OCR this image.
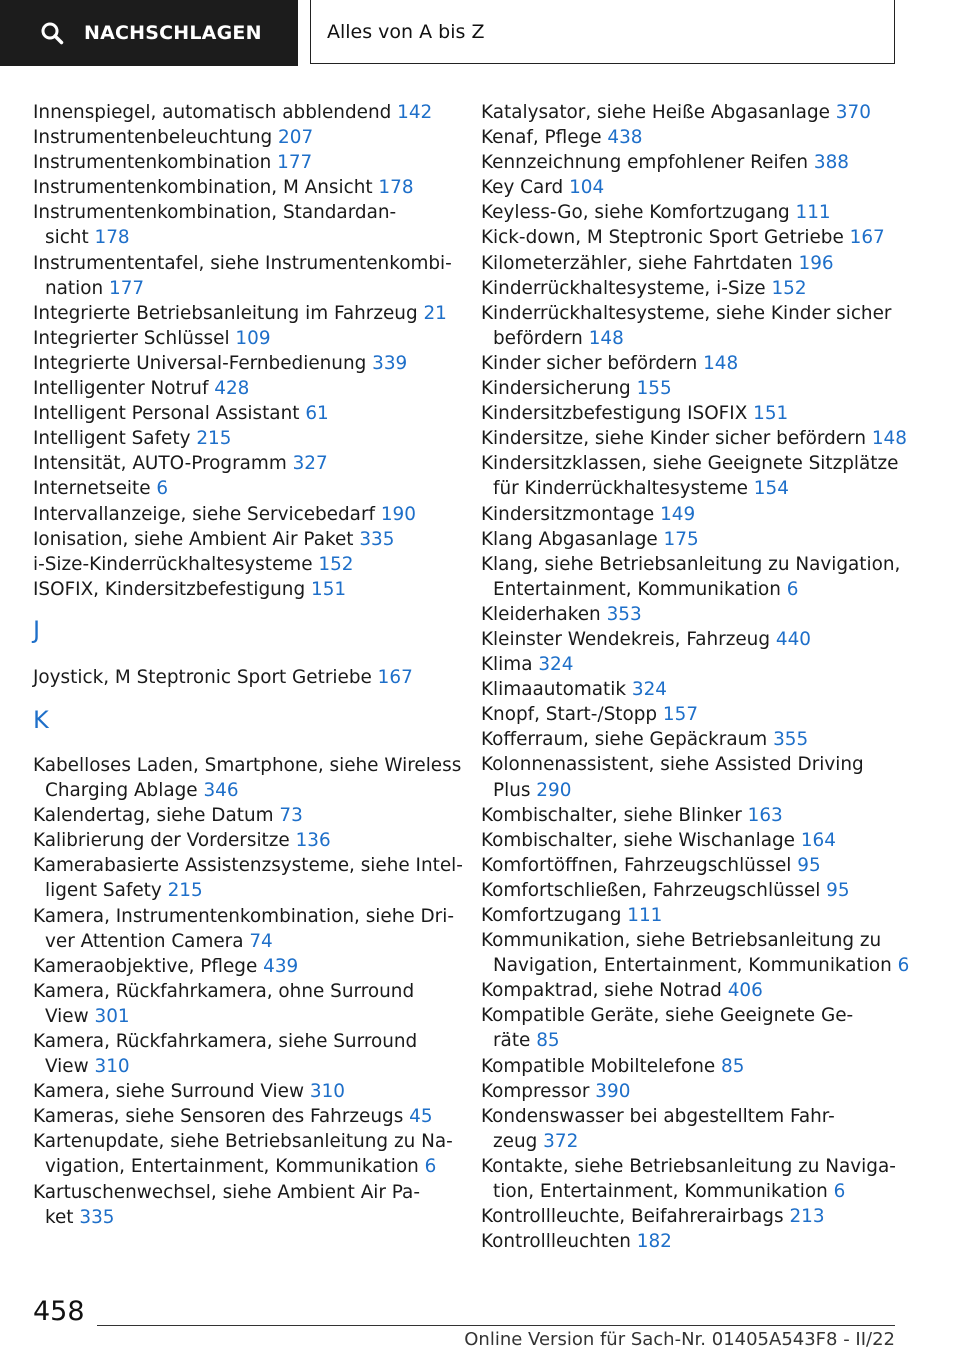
NACHSCHLAGEN	Alles von A bis Z
Innenspiegel, automatisch abblendend 142
Instrumentenbeleuchtung 207
Instrumentenkombination 177
Instrumentenkombination, M Ansicht 178
Instrumentenkombination, Standardan-
sicht 178
Instrumententafel, siehe Instrumentenkombi-
nation 177
Integrierte Betriebsanleitung im Fahrzeug 21
Integrierter Schlüssel 109
Integrierte Universal-Fernbedienung 339
Intelligenter Notruf 428
Intelligent Personal Assistant 61
Intelligent Safety 215
Intensität, AUTO-Programm 327
Internetseite 6
Intervallanzeige, siehe Servicebedarf 190
Ionisation, siehe Ambient Air Paket 335
i-Size-Kinderrückhaltesysteme 152
ISOFIX, Kindersitzbefestigung 151
J
Joystick, M Steptronic Sport Getriebe 167
K
Kabelloses Laden, Smartphone, siehe Wireless
Charging Ablage 346
Kalendertag, siehe Datum 73
Kalibrierung der Vordersitze 136
Kamerabasierte Assistenzsysteme, siehe Intel-
ligent Safety 215
Kamera, Instrumentenkombination, siehe Dri-
ver Attention Camera 74
Kameraobjektive, Pflege 439
Kamera, Rückfahrkamera, ohne Surround
View 301
Kamera, Rückfahrkamera, siehe Surround
View 310
Kamera, siehe Surround View 310
Kameras, siehe Sensoren des Fahrzeugs 45
Kartenupdate, siehe Betriebsanleitung zu Na-
vigation, Entertainment, Kommunikation 6
Kartuschenwechsel, siehe Ambient Air Pa-
ket 335
Katalysator, siehe Heiße Abgasanlage 370
Kenaf, Pflege 438
Kennzeichnung empfohlener Reifen 388
Key Card 104
Keyless-Go, siehe Komfortzugang 111
Kick-down, M Steptronic Sport Getriebe 167
Kilometerzähler, siehe Fahrtdaten 196
Kinderrückhaltesysteme, i-Size 152
Kinderrückhaltesysteme, siehe Kinder sicher
befördern 148
Kinder sicher befördern 148
Kindersicherung 155
Kindersitzbefestigung ISOFIX 151
Kindersitze, siehe Kinder sicher befördern 148
Kindersitzklassen, siehe Geeignete Sitzplätze
für Kinderrückhaltesysteme 154
Kindersitzmontage 149
Klang Abgasanlage 175
Klang, siehe Betriebsanleitung zu Navigation,
Entertainment, Kommunikation 6
Kleiderhaken 353
Kleinster Wendekreis, Fahrzeug 440
Klima 324
Klimaautomatik 324
Knopf, Start-/Stopp 157
Kofferraum, siehe Gepäckraum 355
Kolonnenassistent, siehe Assisted Driving
Plus 290
Kombischalter, siehe Blinker 163
Kombischalter, siehe Wischanlage 164
Komfortöffnen, Fahrzeugschlüssel 95
Komfortschließen, Fahrzeugschlüssel 95
Komfortzugang 111
Kommunikation, siehe Betriebsanleitung zu
Navigation, Entertainment, Kommunikation 6
Kompaktrad, siehe Notrad 406
Kompatible Geräte, siehe Geeignete Ge-
räte 85
Kompatible Mobiltelefone 85
Kompressor 390
Kondenswasser bei abgestelltem Fahr-
zeug 372
Kontakte, siehe Betriebsanleitung zu Naviga-
tion, Entertainment, Kommunikation 6
Kontrollleuchte, Beifahrerairbags 213
Kontrollleuchten 182
458
Online Version für Sach-Nr. 01405A543F8 - II/22
